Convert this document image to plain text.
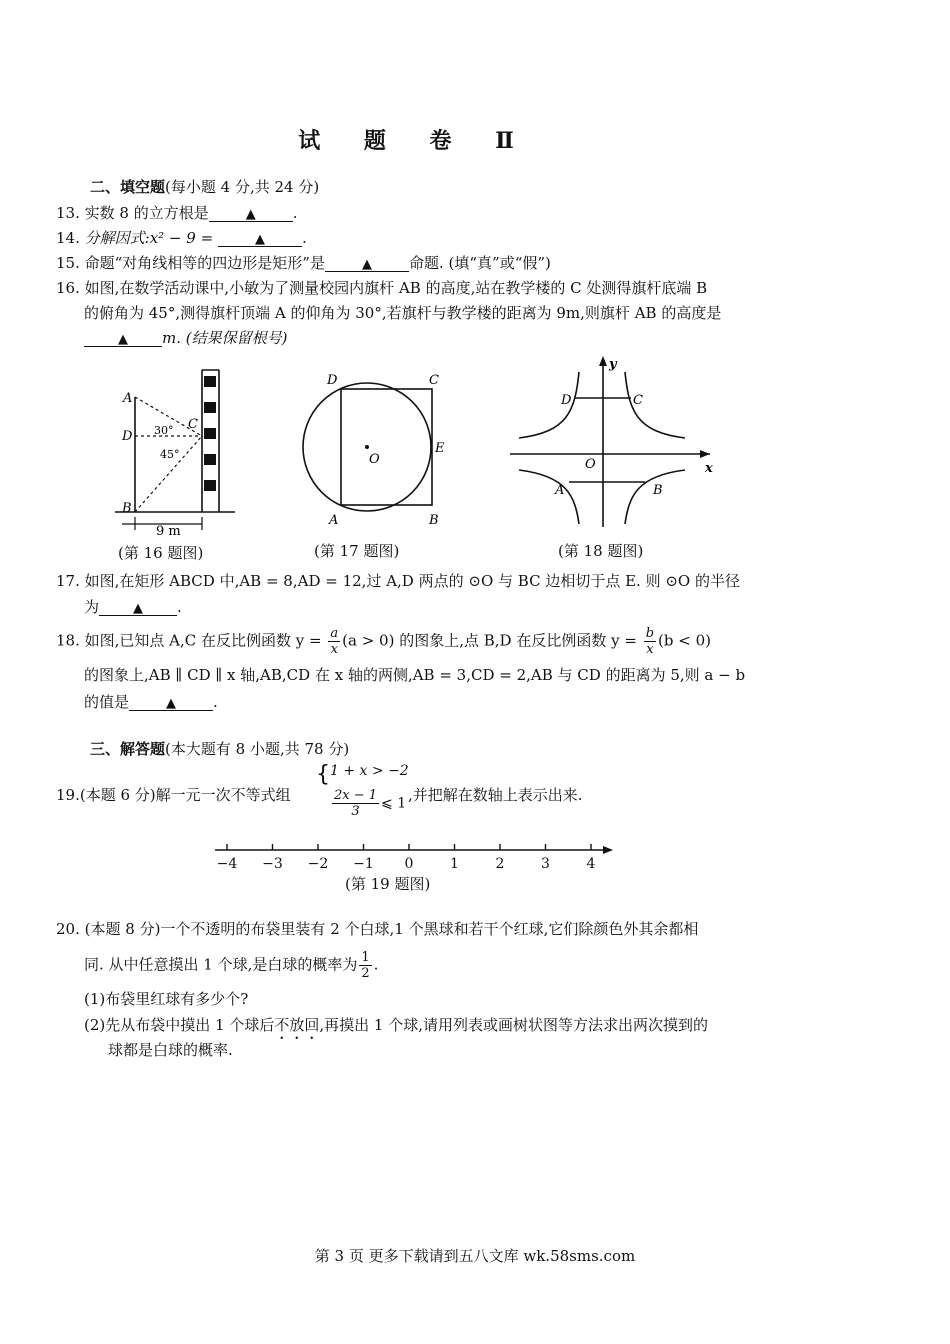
试 题 卷 Ⅱ
二、填空题(每小题 4 分,共 24 分)
13. 实数 8 的立方根是	▲ .
14. 分解因式:x² − 9 =	▲ .
15. 命题“对角线相等的四边形是矩形”是	▲ 命题. (填“真”或“假”)
16. 如图,在数学活动课中,小敏为了测量校园内旗杆 AB 的高度,站在教学楼的 C 处测得旗杆底端 B
的俯角为 45°,测得旗杆顶端 A 的仰角为 30°,若旗杆与教学楼的距离为 9m,则旗杆 AB 的高度是
▲ m. (结果保留根号)
A
D
C
B
30°
45°
9 m
(第 16 题图)
D	C
E
O
A	B
(第 17 题图)
y
x
D	C
O
A	B
(第 18 题图)
17. 如图,在矩形 ABCD 中,AB = 8,AD = 12,过 A,D 两点的 ⊙O 与 BC 边相切于点 E. 则 ⊙O 的半径
为	▲ .
18. 如图,已知点 A,C 在反比例函数 $y = \frac{a}{x} (a > 0)$ 的图象上,点 B,D 在反比例函数 $y = \frac{b}{x} (b < 0)$
的图象上,AB ∥ CD ∥ x 轴,AB,CD 在 x 轴的两侧,AB = 3,CD = 2,AB 与 CD 的距离为 5,则 a − b
的值是	▲ .
三、解答题(本大题有 8 小题,共 78 分)
19.(本题 6 分)解一元一次不等式组
{ 1 + x > −2
$\frac{2x - 1}{3}$ ⩽ 1 ,并把解在数轴上表示出来.
−4 −3 −2 −1 0	1	2	3	4
(第 19 题图)
20. (本题 8 分)一个不透明的布袋里装有 2 个白球,1 个黑球和若干个红球,它们除颜色外其余都相
同. 从中任意摸出 1 个球,是白球的概率为 $\frac{1}{2}$ .
(1)布袋里红球有多少个?
(2)先从布袋中摸出 1 个球后不放回,再摸出 1 个球,请用列表或画树状图等方法求出两次摸到的
球都是白球的概率.
第 3 页 更多下载请到五八文库 wk.58sms.com
